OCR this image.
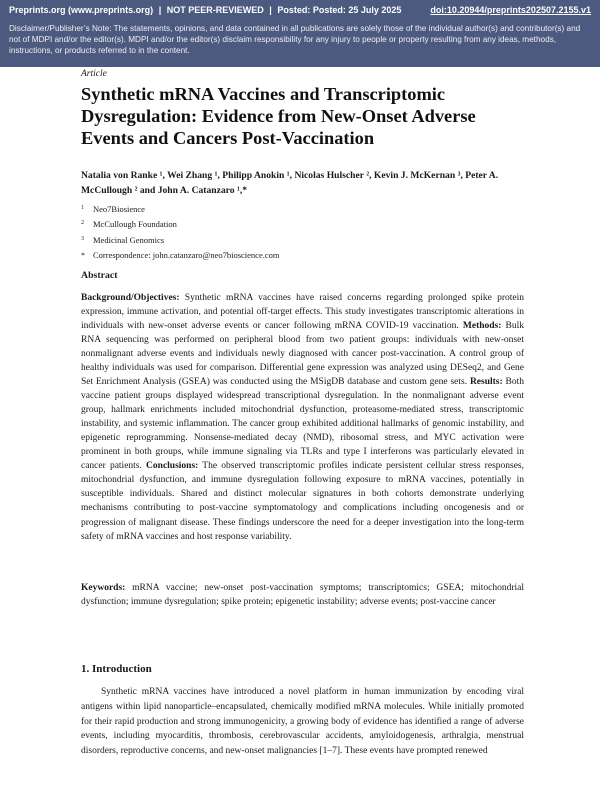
Preprints.org (www.preprints.org) | NOT PEER-REVIEWED | Posted: Posted: 25 July 2025	doi:10.20944/preprints202507.2155.v1
Disclaimer/Publisher’s Note: The statements, opinions, and data contained in all publications are solely those of the individual author(s) and contributor(s) and not of MDPI and/or the editor(s). MDPI and/or the editor(s) disclaim responsibility for any injury to people or property resulting from any ideas, methods, instructions, or products referred to in the content.
Article
Synthetic mRNA Vaccines and Transcriptomic Dysregulation: Evidence from New-Onset Adverse Events and Cancers Post-Vaccination
Natalia von Ranke ¹, Wei Zhang ¹, Philipp Anokin ¹, Nicolas Hulscher ², Kevin J. McKernan ³, Peter A. McCullough ² and John A. Catanzaro ¹,*
1 Neo7Biosience
2 McCullough Foundation
3 Medicinal Genomics
* Correspondence: john.catanzaro@neo7bioscience.com
Abstract

Background/Objectives: Synthetic mRNA vaccines have raised concerns regarding prolonged spike protein expression, immune activation, and potential off-target effects. This study investigates transcriptomic alterations in individuals with new-onset adverse events or cancer following mRNA COVID-19 vaccination. Methods: Bulk RNA sequencing was performed on peripheral blood from two patient groups: individuals with new-onset nonmalignant adverse events and individuals newly diagnosed with cancer post-vaccination. A control group of healthy individuals was used for comparison. Differential gene expression was analyzed using DESeq2, and Gene Set Enrichment Analysis (GSEA) was conducted using the MSigDB database and custom gene sets. Results: Both vaccine patient groups displayed widespread transcriptional dysregulation. In the nonmalignant adverse event group, hallmark enrichments included mitochondrial dysfunction, proteasome-mediated stress, transcriptomic instability, and systemic inflammation. The cancer group exhibited additional hallmarks of genomic instability, and epigenetic reprogramming. Nonsense-mediated decay (NMD), ribosomal stress, and MYC activation were prominent in both groups, while immune signaling via TLRs and type I interferons was particularly elevated in cancer patients. Conclusions: The observed transcriptomic profiles indicate persistent cellular stress responses, mitochondrial dysfunction, and immune dysregulation following exposure to mRNA vaccines, potentially in susceptible individuals. Shared and distinct molecular signatures in both cohorts demonstrate underlying mechanisms contributing to post-vaccine symptomatology and complications including oncogenesis and or progression of malignant disease. These findings underscore the need for a deeper investigation into the long-term safety of mRNA vaccines and host response variability.

Keywords: mRNA vaccine; new-onset post-vaccination symptoms; transcriptomics; GSEA; mitochondrial dysfunction; immune dysregulation; spike protein; epigenetic instability; adverse events; post-vaccine cancer

1. Introduction

Synthetic mRNA vaccines have introduced a novel platform in human immunization by encoding viral antigens within lipid nanoparticle–encapsulated, chemically modified mRNA molecules. While initially promoted for their rapid production and strong immunogenicity, a growing body of evidence has identified a range of adverse events, including myocarditis, thrombosis, cerebrovascular accidents, amyloidogenesis, arthralgia, menstrual disorders, reproductive concerns, and new-onset malignancies [1–7]. These events have prompted renewed
